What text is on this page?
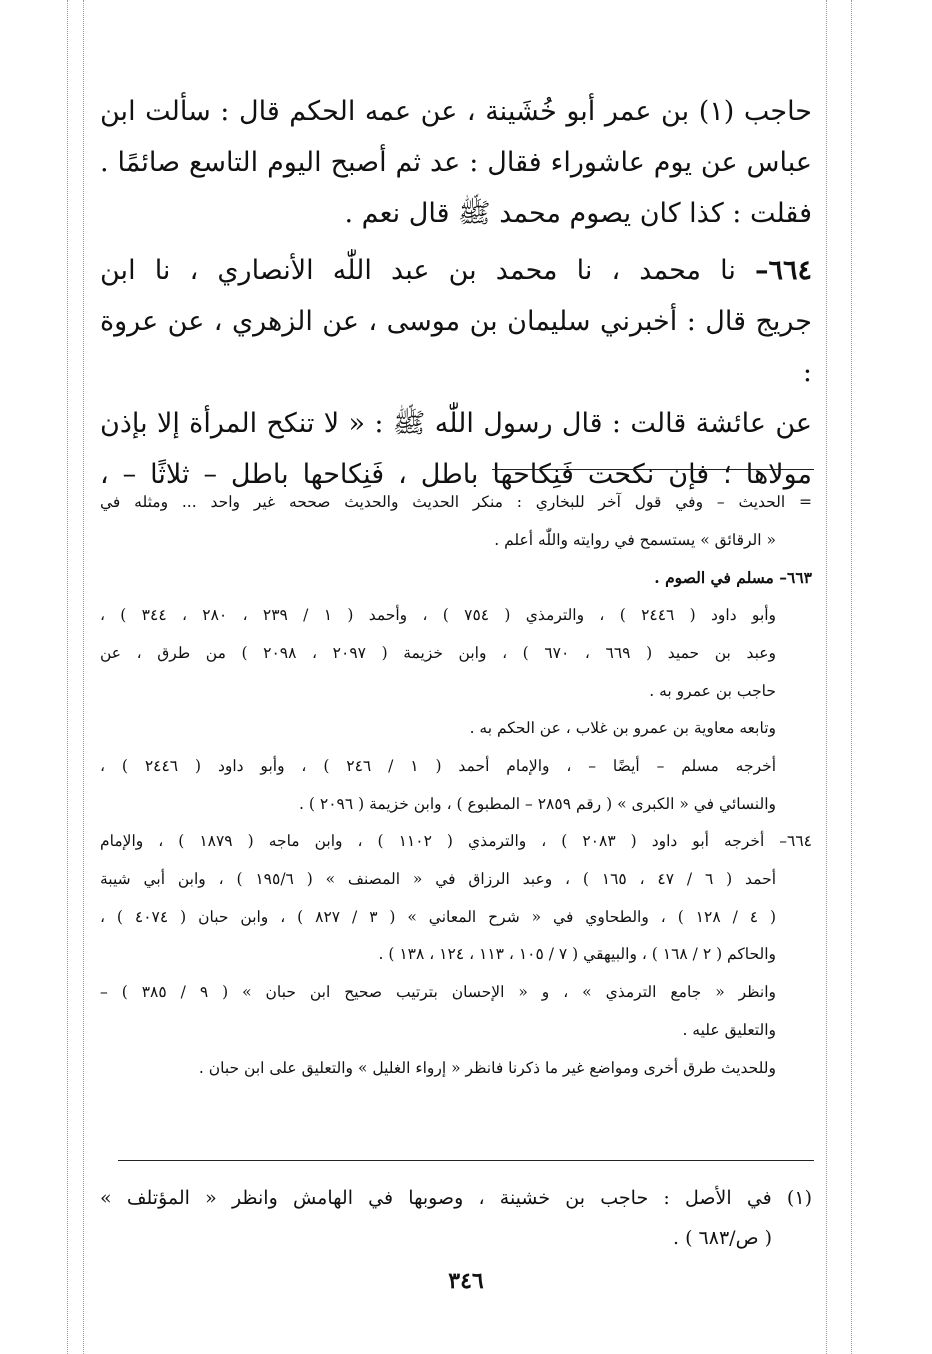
حاجب (١) بن عمر أبو خُشَينة ، عن عمه الحكم قال : سألت ابن

عباس عن يوم عاشوراء فقال : عد ثم أصبح اليوم التاسع صائمًا .

فقلت : كذا كان يصوم محمد ﷺ قال نعم .

٦٦٤– نا محمد ، نا محمد بن عبد اللّٰه الأنصاري ، نا ابن

جريج قال : أخبرني سليمان بن موسى ، عن الزهري ، عن عروة :

عن عائشة قالت : قال رسول اللّٰه ﷺ : « لا تنكح المرأة إلا بإذن

مولاها ؛ فإن نكحت فَنِكاحها باطل ، فَنِكاحها باطل – ثلاثًا – ،

= الحديث – وفي قول آخر للبخاري : منكر الحديث والحديث صححه غير واحد ... ومثله في
« الرقائق » يستسمح في روايته واللّٰه أعلم .
٦٦٣– مسلم في الصوم .
وأبو داود ( ٢٤٤٦ ) ، والترمذي ( ٧٥٤ ) ، وأحمد ( ١ / ٢٣٩ ، ٢٨٠ ، ٣٤٤ ) ،
وعبد بن حميد ( ٦٦٩ ، ٦٧٠ ) ، وابن خزيمة ( ٢٠٩٧ ، ٢٠٩٨ ) من طرق ، عن
حاجب بن عمرو به .
وتابعه معاوية بن عمرو بن غلاب ، عن الحكم به .
أخرجه مسلم – أيضًا – ، والإمام أحمد ( ١ / ٢٤٦ ) ، وأبو داود ( ٢٤٤٦ ) ،
والنسائي في « الكبرى » ( رقم ٢٨٥٩ – المطبوع ) ، وابن خزيمة ( ٢٠٩٦ ) .
٦٦٤– أخرجه أبو داود ( ٢٠٨٣ ) ، والترمذي ( ١١٠٢ ) ، وابن ماجه ( ١٨٧٩ ) ، والإمام
أحمد ( ٦ / ٤٧ ، ١٦٥ ) ، وعبد الرزاق في « المصنف » ( ١٩٥/٦ ) ، وابن أبي شيبة
( ٤ / ١٢٨ ) ، والطحاوي في « شرح المعاني » ( ٣ / ٨٢٧ ) ، وابن حبان ( ٤٠٧٤ ) ،
والحاكم ( ٢ / ١٦٨ ) ، والبيهقي ( ٧ / ١٠٥ ، ١١٣ ، ١٢٤ ، ١٣٨ ) .
وانظر « جامع الترمذي » ، و « الإحسان بترتيب صحيح ابن حبان » ( ٩ / ٣٨٥ ) –
والتعليق عليه .
وللحديث طرق أخرى ومواضع غير ما ذكرنا فانظر « إرواء الغليل » والتعليق على ابن حبان .
(١) في الأصل : حاجب بن خشينة ، وصوبها في الهامش وانظر « المؤتلف »
( ص/٦٨٣ ) .
٣٤٦
